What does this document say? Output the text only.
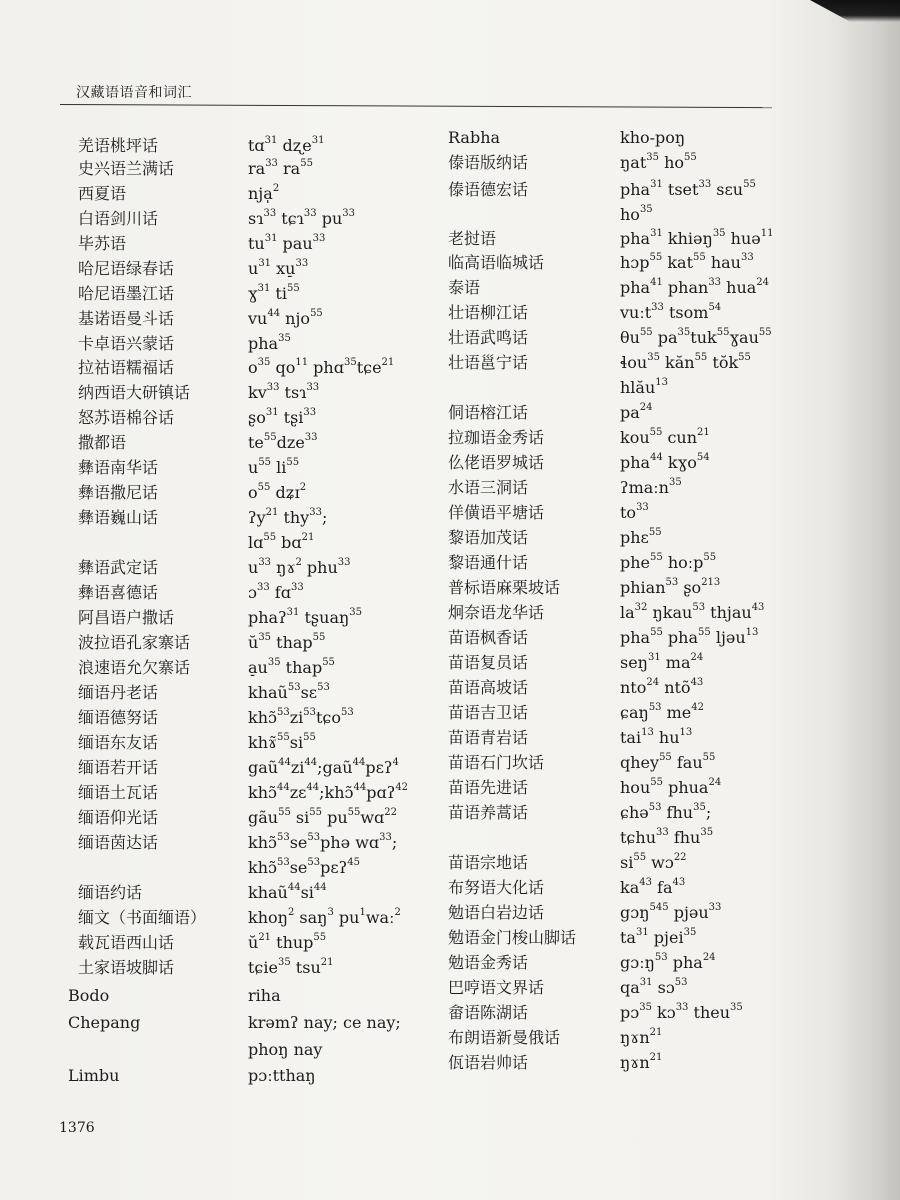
汉藏语语音和词汇
羌语桃坪话	tɑ$^{31}$ dʐe$^{31}$
史兴语兰满话	$ra^{33}$ $ra^{55}$
西夏语	nja̩$^2$
白语剑川话	sɿ$^{33}$ tɕɿ$^{33}$ $pu^{33}$
毕苏语	$tu^{31}$ pau$^{33}$
哈尼语绿春话	$u^{31}$ xu̠$^{33}$
哈尼语墨江话	ɣ$^{31}$ $ti^{55}$
基诺语曼斗话	$vu^{44}$ njo$^{55}$
卡卓语兴蒙话	pha$^{35}$
拉祜语糯福话	$o^{35}$ $qo^{11}$ phɑ$^{35}$tɕe$^{21}$
纳西语大研镇话	$kv^{33}$ tsɿ$^{33}$
怒苏语棉谷话	ʂo$^{31}$ tʂi$^{33}$
撒都语	$te^{55}dze^{33}$
彝语南华话	$u^{55}$ $li^{55}$
彝语撒尼话	$o^{55}$ dʑɪ$^2$
彝语巍山话	ʔy$^{21}$ thy$^{33}$;
lɑ$^{55}$ bɑ$^{21}$
彝语武定话	$u^{33}$ ŋɤ$^2$ phu$^{33}$
彝语喜德话	ɔ$^{33}$ fɑ$^{33}$
阿昌语户撒话	phaʔ$^{31}$ tʂuaŋ$^{35}$
波拉语孔家寨话	$ŭ^{35}$ thap$^{55}$
浪速语允欠寨话	$a̠u^{35}$ thap$^{55}$
缅语丹老话	khaũ$^{53}$sɛ$^{53}$
缅语德努话	$khɔ̃^{53}zi^{53}tɕo^{53}$
缅语东友话	$khɤ̃^{55}si^{55}$
缅语若开话	$gaũ^{44}zi^{44};gaũ^{44}pɛʔ^4$
缅语土瓦话	khɔ̃$^{44}$zɛ$^{44}$;khɔ̃$^{44}$pɑʔ$^{42}$
缅语仰光话	gãu$^{55}$ $si^{55}$ $pu^{55}wɑ^{22}$
缅语茵达话	$khɔ̃^{53}se^{53}phə$ wɑ$^{33}$;
$khɔ̃^{53}se^{53}pɛʔ^{45}$
缅语约话	$khaũ^{44}si^{44}$
缅文（书面缅语）	khoŋ$^2$ saŋ$^3$ $pu^1waː^2$
载瓦语西山话	$ŭ^{21}$ thup$^{55}$
土家语坡脚话	tɕie$^{35}$ tsu$^{21}$
Bodo	riha
Chepang	krəmʔ nay; ce nay;
phoŋ nay
Limbu	pɔːtthaŋ
Rabha	kho-poŋ
傣语版纳话	ŋat$^{35}$ $ho^{55}$
傣语德宏话	pha$^{31}$ tset$^{33}$ sɛu$^{55}$
$ho^{35}$
老挝语	pha$^{31}$ khiəŋ$^{35}$ huə$^{11}$
临高语临城话	hɔp$^{55}$ kat$^{55}$ hau$^{33}$
泰语	pha$^{41}$ phan$^{33}$ hua$^{24}$
壮语柳江话	vuːt$^{33}$ tsom$^{54}$
壮语武鸣话	$\theta u^{55}$ $pa^{35}tuk^{55}ɣau^{55}$
壮语邕宁话	ɬou$^{35}$ kăn$^{55}$ tŏk$^{55}$
hlău$^{13}$
侗语榕江话	$pa^{24}$
拉珈语金秀话	kou$^{55}$ cun$^{21}$
仫佬语罗城话	pha$^{44}$ kɣo$^{54}$
水语三洞话	ʔmaːn$^{35}$
佯僙语平塘话	$to^{33}$
黎语加茂话	phɛ$^{55}$
黎语通什话	phe$^{55}$ hoːp$^{55}$
普标语麻栗坡话	phian$^{53}$ ʂo$^{213}$
炯奈语龙华话	$la^{32}$ ŋkau$^{53}$ thjau$^{43}$
苗语枫香话	pha$^{55}$ pha$^{55}$ ljəu$^{13}$
苗语复员话	seŋ$^{31}$ $ma^{24}$
苗语高坡话	nto$^{24}$ ntõ$^{43}$
苗语吉卫话	ɕaŋ$^{53}$ $me^{42}$
苗语青岩话	tai$^{13}$ $hu^{13}$
苗语石门坎话	qhey$^{55}$ fau$^{55}$
苗语先进话	hou$^{55}$ phua$^{24}$
苗语养蒿话	ɕhə$^{53}$ fhu$^{35}$;
tɕhu$^{33}$ fhu$^{35}$
苗语宗地话	$si^{55}$ wɔ$^{22}$
布努语大化话	$ka^{43}$ $fa^{43}$
勉语白岩边话	gɔŋ$^{545}$ pjəu$^{33}$
勉语金门梭山脚话	$ta^{31}$ pjei$^{35}$
勉语金秀话	gɔːŋ$^{53}$ pha$^{24}$
巴哼语文界话	$qa^{31}$ sɔ$^{53}$
畲语陈湖话	pɔ$^{35}$ kɔ$^{33}$ theu$^{35}$
布朗语新曼俄话	ŋɤn$^{21}$
佤语岩帅话	ŋɤn$^{21}$
1376
